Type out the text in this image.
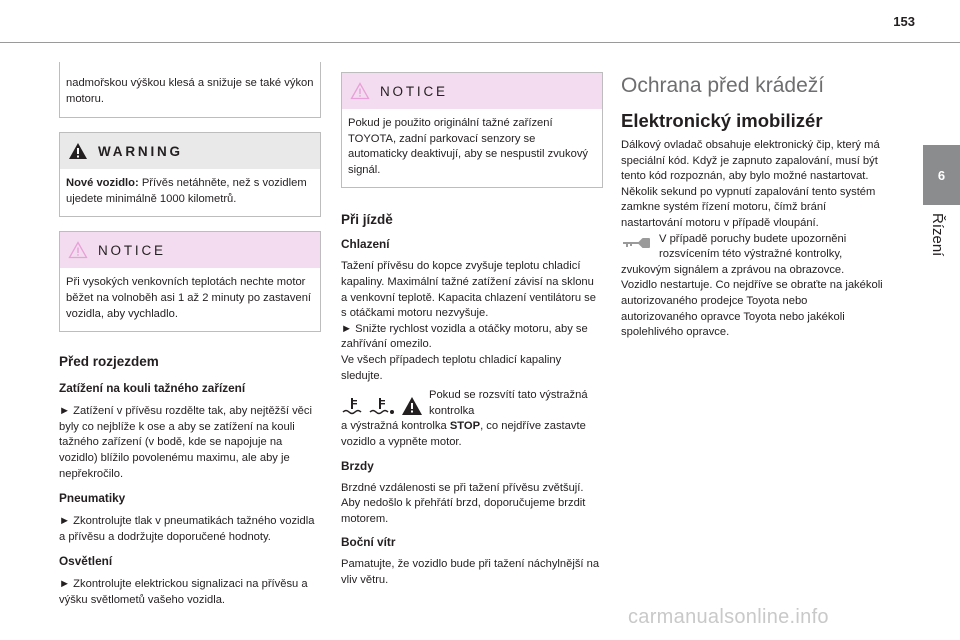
153
6
Řízení

nadmořskou výškou klesá a snižuje se také výkon motoru.

WARNING

Nové vozidlo: Přívěs netáhněte, než s vozidlem ujedete minimálně 1000 kilometrů.

NOTICE

Při vysokých venkovních teplotách nechte motor běžet na volnoběh asi 1 až 2 minuty po zastavení vozidla, aby vychladlo.

Před rozjezdem
Zatížení na kouli tažného zařízení

► Zatížení v přívěsu rozdělte tak, aby nejtěžší věci byly co nejblíže k ose a aby se zatížení na kouli tažného zařízení (v bodě, kde se napojuje na vozidlo) blížilo povolenému maximu, ale aby je nepřekročilo.

Pneumatiky

► Zkontrolujte tlak v pneumatikách tažného vozidla a přívěsu a dodržujte doporučené hodnoty.

Osvětlení

► Zkontrolujte elektrickou signalizaci na přívěsu a výšku světlometů vašeho vozidla.

NOTICE

Pokud je použito originální tažné zařízení TOYOTA, zadní parkovací senzory se automaticky deaktivují, aby se nespustil zvukový signál.

Při jízdě
Chlazení

Tažení přívěsu do kopce zvyšuje teplotu chladicí kapaliny. Maximální tažné zatížení závisí na sklonu a venkovní teplotě. Kapacita chlazení ventilátoru se s otáčkami motoru nezvyšuje.

► Snižte rychlost vozidla a otáčky motoru, aby se zahřívání omezilo.

Ve všech případech teplotu chladicí kapaliny sledujte.

Pokud se rozsvítí tato výstražná kontrolka

a výstražná kontrolka STOP, co nejdříve zastavte vozidlo a vypněte motor.

Brzdy

Brzdné vzdálenosti se při tažení přívěsu zvětšují. Aby nedošlo k přehřátí brzd, doporučujeme brzdit motorem.

Boční vítr

Pamatujte, že vozidlo bude při tažení náchylnější na vliv větru.

Ochrana před krádeží
Elektronický imobilizér

Dálkový ovladač obsahuje elektronický čip, který má speciální kód. Když je zapnuto zapalování, musí být tento kód rozpoznán, aby bylo možné nastartovat.

Několik sekund po vypnutí zapalování tento systém zamkne systém řízení motoru, čímž brání nastartování motoru v případě vloupání.

V případě poruchy budete upozorněni rozsvícením této výstražné kontrolky,

zvukovým signálem a zprávou na obrazovce. Vozidlo nestartuje. Co nejdříve se obraťte na jakékoli autorizovaného prodejce Toyota nebo autorizovaného opravce Toyota nebo jakékoli spolehlivého opravce.

carmanualsonline.info
